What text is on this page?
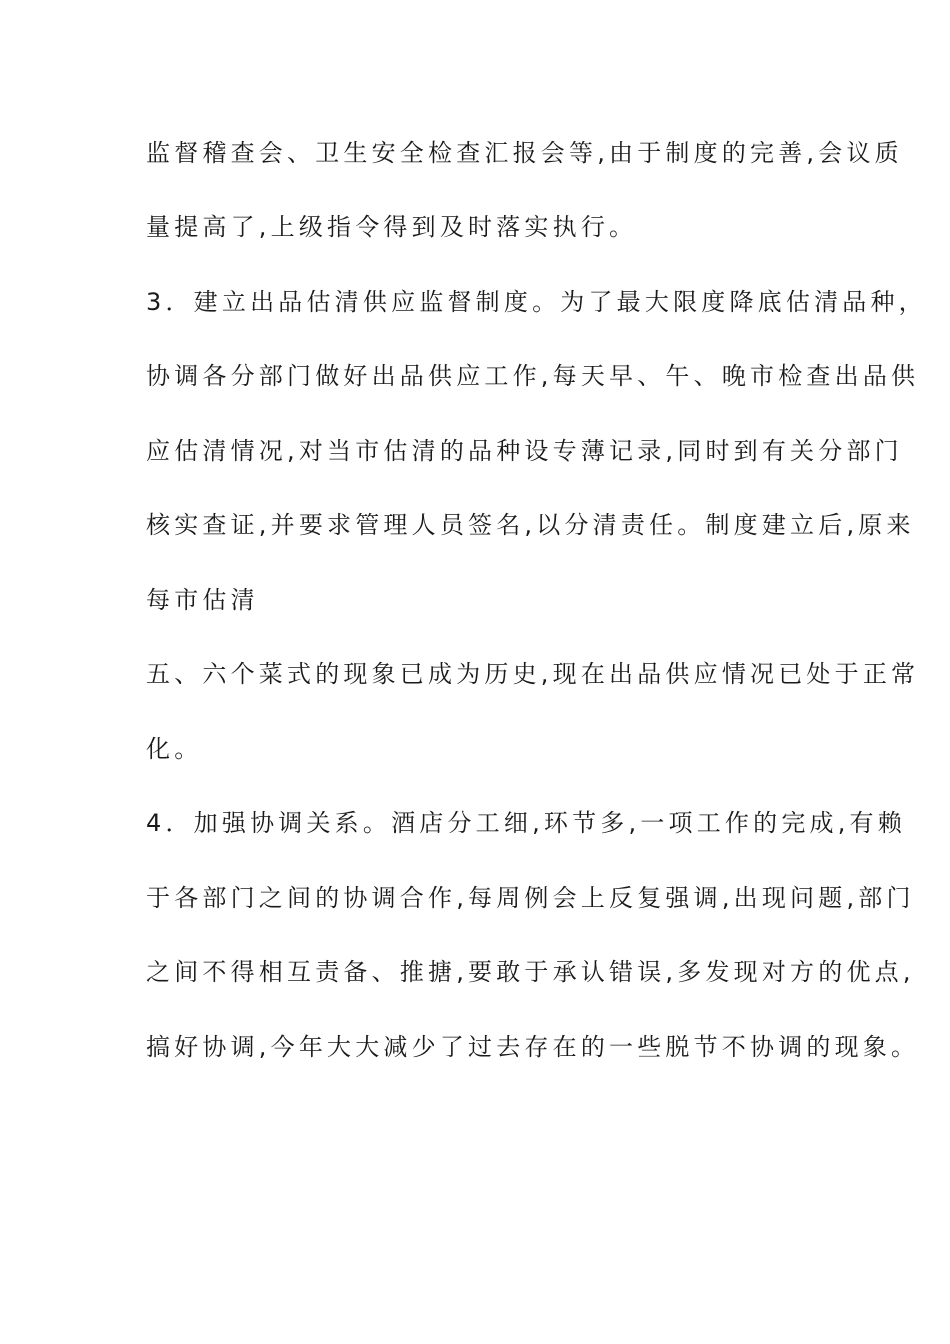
监督稽查会、卫生安全检查汇报会等,由于制度的完善,会议质
量提高了,上级指令得到及时落实执行。
3．建立出品估清供应监督制度。为了最大限度降底估清品种，
协调各分部门做好出品供应工作,每天早、午、晚市检查出品供
应估清情况,对当市估清的品种设专薄记录,同时到有关分部门
核实查证,并要求管理人员签名,以分清责任。制度建立后,原来
每市估清
五、六个菜式的现象已成为历史,现在出品供应情况已处于正常
化。
4．加强协调关系。酒店分工细,环节多,一项工作的完成,有赖
于各部门之间的协调合作,每周例会上反复强调,出现问题,部门
之间不得相互责备、推搪,要敢于承认错误,多发现对方的优点,
搞好协调,今年大大减少了过去存在的一些脱节不协调的现象。
